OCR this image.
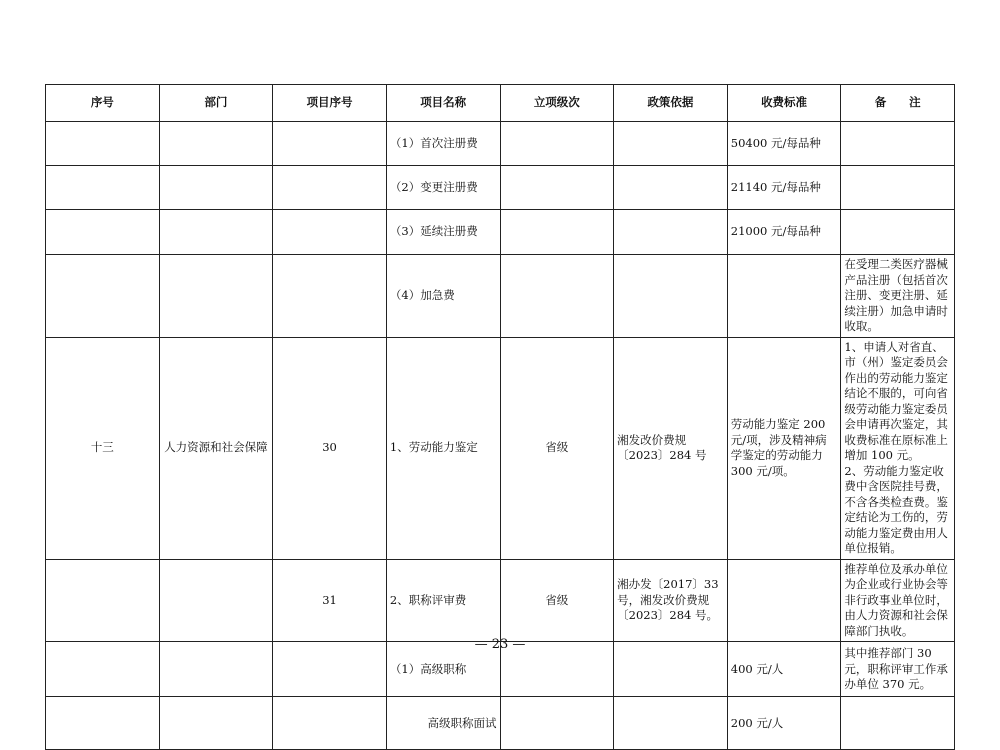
序号	部门	项目序号	项目名称	立项级次	政策依据	收费标准	备　　注
			（1）首次注册费			50400 元/每品种	
			（2）变更注册费			21140 元/每品种	
			（3）延续注册费			21000 元/每品种	
			（4）加急费				在受理二类医疗器械产品注册（包括首次注册、变更注册、延续注册）加急申请时收取。
十三	人力资源和社会保障	30	1、劳动能力鉴定	省级	湘发改价费规〔2023〕284 号	劳动能力鉴定 200 元/项，涉及精神病学鉴定的劳动能力 300 元/项。	1、申请人对省直、市（州）鉴定委员会作出的劳动能力鉴定结论不服的，可向省级劳动能力鉴定委员会申请再次鉴定，其收费标准在原标准上增加 100 元。
2、劳动能力鉴定收费中含医院挂号费，不含各类检查费。鉴定结论为工伤的，劳动能力鉴定费由用人单位报销。
		31	2、职称评审费	省级	湘办发〔2017〕33 号，湘发改价费规〔2023〕284 号。		推荐单位及承办单位为企业或行业协会等非行政事业单位时，由人力资源和社会保障部门执收。
			（1）高级职称			400 元/人	其中推荐部门 30 元，职称评审工作承办单位 370 元。
			高级职称面试			200 元/人	
— 23 —
